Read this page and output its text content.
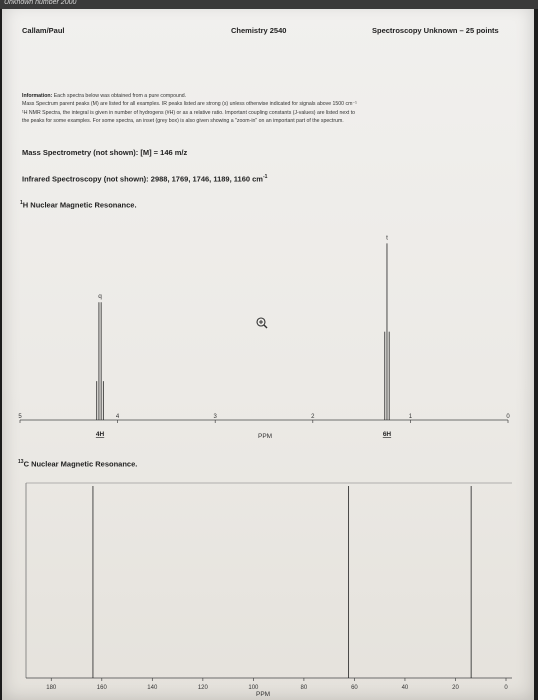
Callam/Paul	Chemistry 2540	Spectroscopy Unknown – 25 points
Information: Each spectra below was obtained from a pure compound.
Mass Spectrum parent peaks (M) are listed for all examples. IR peaks listed are strong (s) unless otherwise indicated for signals above 1500 cm⁻¹
¹H NMR Spectra, the integral is given in number of hydrogens (#H) or as a relative ratio. Important coupling constants (J-values) are listed next to
the peaks for some examples. For some spectra, an inset (grey box) is also given showing a "zoom-in" on an important part of the spectrum.
Mass Spectrometry (not shown): [M] = 146 m/z
Infrared Spectroscopy (not shown): 2988, 1769, 1746, 1189, 1160 $cm^{-1}$
$^1$H Nuclear Magnetic Resonance.
5	4	3	2	1	0
q
4H
t
6H
PPM
$^{13}$C Nuclear Magnetic Resonance.
180	160	140	120	100	80	60	40	20	0
PPM
Unknown number 2000
